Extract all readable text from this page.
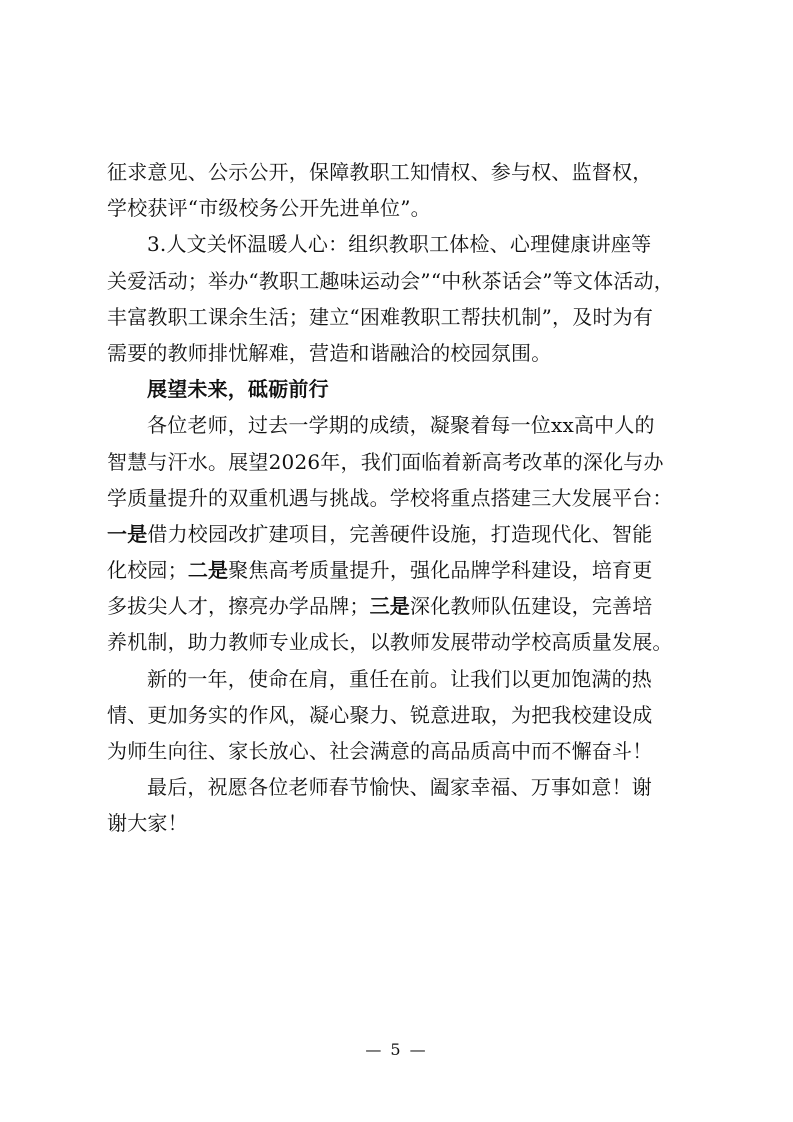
征求意见、公示公开，保障教职工知情权、参与权、监督权，
学校获评“市级校务公开先进单位”。
3.人文关怀温暖人心：组织教职工体检、心理健康讲座等
关爱活动；举办“教职工趣味运动会”“中秋茶话会”等文体活动，
丰富教职工课余生活；建立“困难教职工帮扶机制”，及时为有
需要的教师排忧解难，营造和谐融洽的校园氛围。
展望未来，砥砺前行
各位老师，过去一学期的成绩，凝聚着每一位xx高中人的
智慧与汗水。展望2026年，我们面临着新高考改革的深化与办
学质量提升的双重机遇与挑战。学校将重点搭建三大发展平台：
一是借力校园改扩建项目，完善硬件设施，打造现代化、智能
化校园；二是聚焦高考质量提升，强化品牌学科建设，培育更
多拔尖人才，擦亮办学品牌；三是深化教师队伍建设，完善培
养机制，助力教师专业成长，以教师发展带动学校高质量发展。
新的一年，使命在肩，重任在前。让我们以更加饱满的热
情、更加务实的作风，凝心聚力、锐意进取，为把我校建设成
为师生向往、家长放心、社会满意的高品质高中而不懈奋斗！
最后，祝愿各位老师春节愉快、阖家幸福、万事如意！谢
谢大家！
— 5 —
